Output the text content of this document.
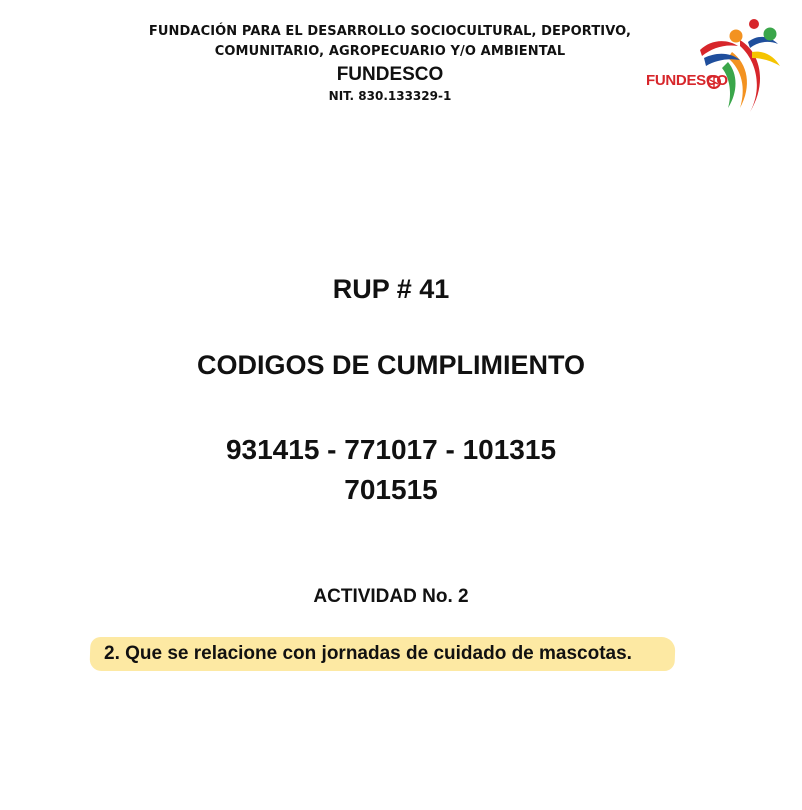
FUNDACIÓN PARA EL DESARROLLO SOCIOCULTURAL, DEPORTIVO,
COMUNITARIO, AGROPECUARIO Y/O AMBIENTAL
FUNDESCO
NIT. 830.133329-1
FUNDESCO
RUP # 41
CODIGOS DE CUMPLIMIENTO
931415 - 771017 - 101315
701515
ACTIVIDAD No. 2
2. Que se relacione con jornadas de cuidado de mascotas.
